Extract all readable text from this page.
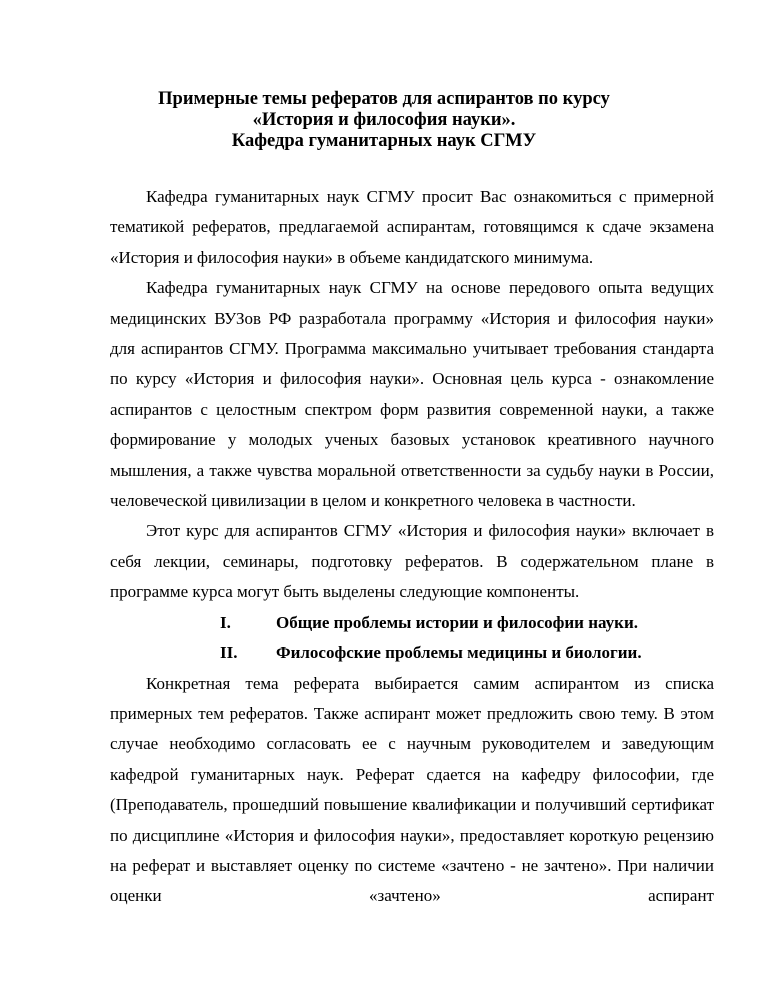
Примерные темы рефератов для аспирантов по курсу
«История и философия науки».
Кафедра гуманитарных наук СГМУ

Кафедра гуманитарных наук СГМУ просит Вас ознакомиться с примерной тематикой рефератов, предлагаемой аспирантам, готовящимся к сдаче экзамена «История и философия науки» в объеме кандидатского минимума.

Кафедра гуманитарных наук СГМУ на основе передового опыта ведущих медицинских ВУЗов РФ разработала программу «История и философия науки» для аспирантов СГМУ. Программа максимально учитывает требования стандарта по курсу «История и философия науки». Основная цель курса - ознакомление аспирантов с целостным спектром форм развития современной науки, а также формирование у молодых ученых базовых установок креативного научного мышления, а также чувства моральной ответственности за судьбу науки в России, человеческой цивилизации в целом и конкретного человека в частности.

Этот курс для аспирантов СГМУ «История и философия науки» включает в себя лекции, семинары, подготовку рефератов. В содержательном плане в программе курса могут быть выделены следующие компоненты.

I.	Общие проблемы истории и философии науки.
II.	Философские проблемы медицины и биологии.

Конкретная тема реферата выбирается самим аспирантом из списка примерных тем рефератов. Также аспирант может предложить свою тему. В этом случае необходимо согласовать ее с научным руководителем и заведующим кафедрой гуманитарных наук. Реферат сдается на кафедру философии, где (Преподаватель, прошедший повышение квалификации и получивший сертификат по дисциплине «История и философия науки», предоставляет короткую рецензию на реферат и выставляет оценку по системе «зачтено - не зачтено». При наличии оценки «зачтено» аспирант
